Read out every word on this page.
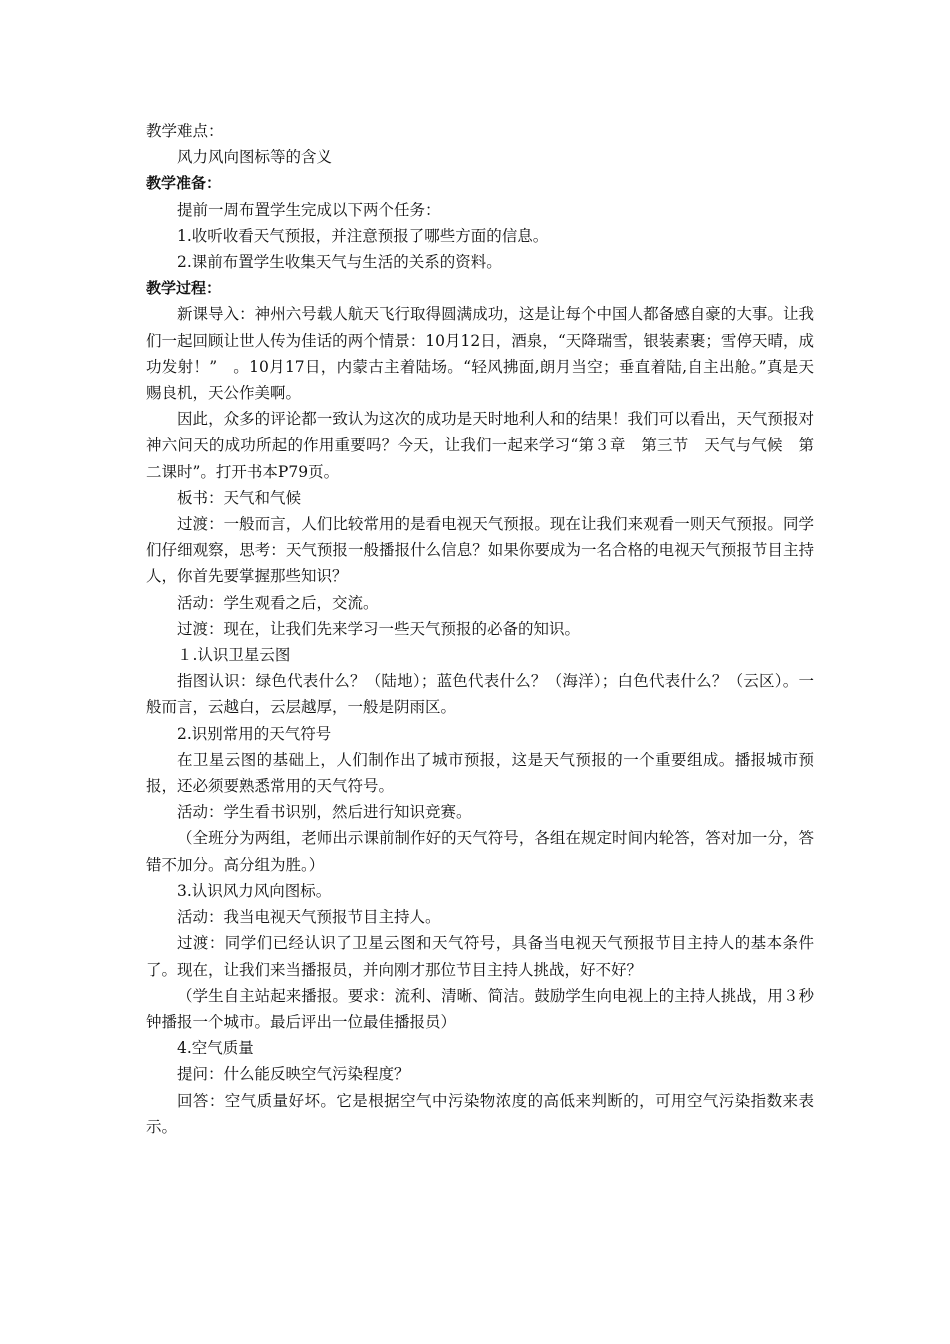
教学难点：

风力风向图标等的含义

教学准备：

提前一周布置学生完成以下两个任务：

1.收听收看天气预报，并注意预报了哪些方面的信息。

2.课前布置学生收集天气与生活的关系的资料。

教学过程：

新课导入：神州六号载人航天飞行取得圆满成功，这是让每个中国人都备感自豪的大事。让我们一起回顾让世人传为佳话的两个情景：10月12日，酒泉，“天降瑞雪，银装素裹；雪停天晴，成功发射！”　。10月17日，内蒙古主着陆场。“轻风拂面,朗月当空；垂直着陆,自主出舱。”真是天赐良机，天公作美啊。

因此，众多的评论都一致认为这次的成功是天时地利人和的结果！我们可以看出，天气预报对神六问天的成功所起的作用重要吗？今天，让我们一起来学习“第３章　第三节　天气与气候　第二课时”。打开书本P79页。

板书：天气和气候

过渡：一般而言，人们比较常用的是看电视天气预报。现在让我们来观看一则天气预报。同学们仔细观察，思考：天气预报一般播报什么信息？如果你要成为一名合格的电视天气预报节目主持人，你首先要掌握那些知识？

活动：学生观看之后，交流。

过渡：现在，让我们先来学习一些天气预报的必备的知识。

１.认识卫星云图

指图认识：绿色代表什么？（陆地）；蓝色代表什么？（海洋）；白色代表什么？（云区）。一般而言，云越白，云层越厚，一般是阴雨区。

2.识别常用的天气符号

在卫星云图的基础上，人们制作出了城市预报，这是天气预报的一个重要组成。播报城市预报，还必须要熟悉常用的天气符号。

活动：学生看书识别，然后进行知识竞赛。

（全班分为两组，老师出示课前制作好的天气符号，各组在规定时间内轮答，答对加一分，答错不加分。高分组为胜。）

3.认识风力风向图标。

活动：我当电视天气预报节目主持人。

过渡：同学们已经认识了卫星云图和天气符号，具备当电视天气预报节目主持人的基本条件了。现在，让我们来当播报员，并向刚才那位节目主持人挑战，好不好？

（学生自主站起来播报。要求：流利、清晰、简洁。鼓励学生向电视上的主持人挑战，用３秒钟播报一个城市。最后评出一位最佳播报员）

4.空气质量

提问：什么能反映空气污染程度？

回答：空气质量好坏。它是根据空气中污染物浓度的高低来判断的，可用空气污染指数来表示。
